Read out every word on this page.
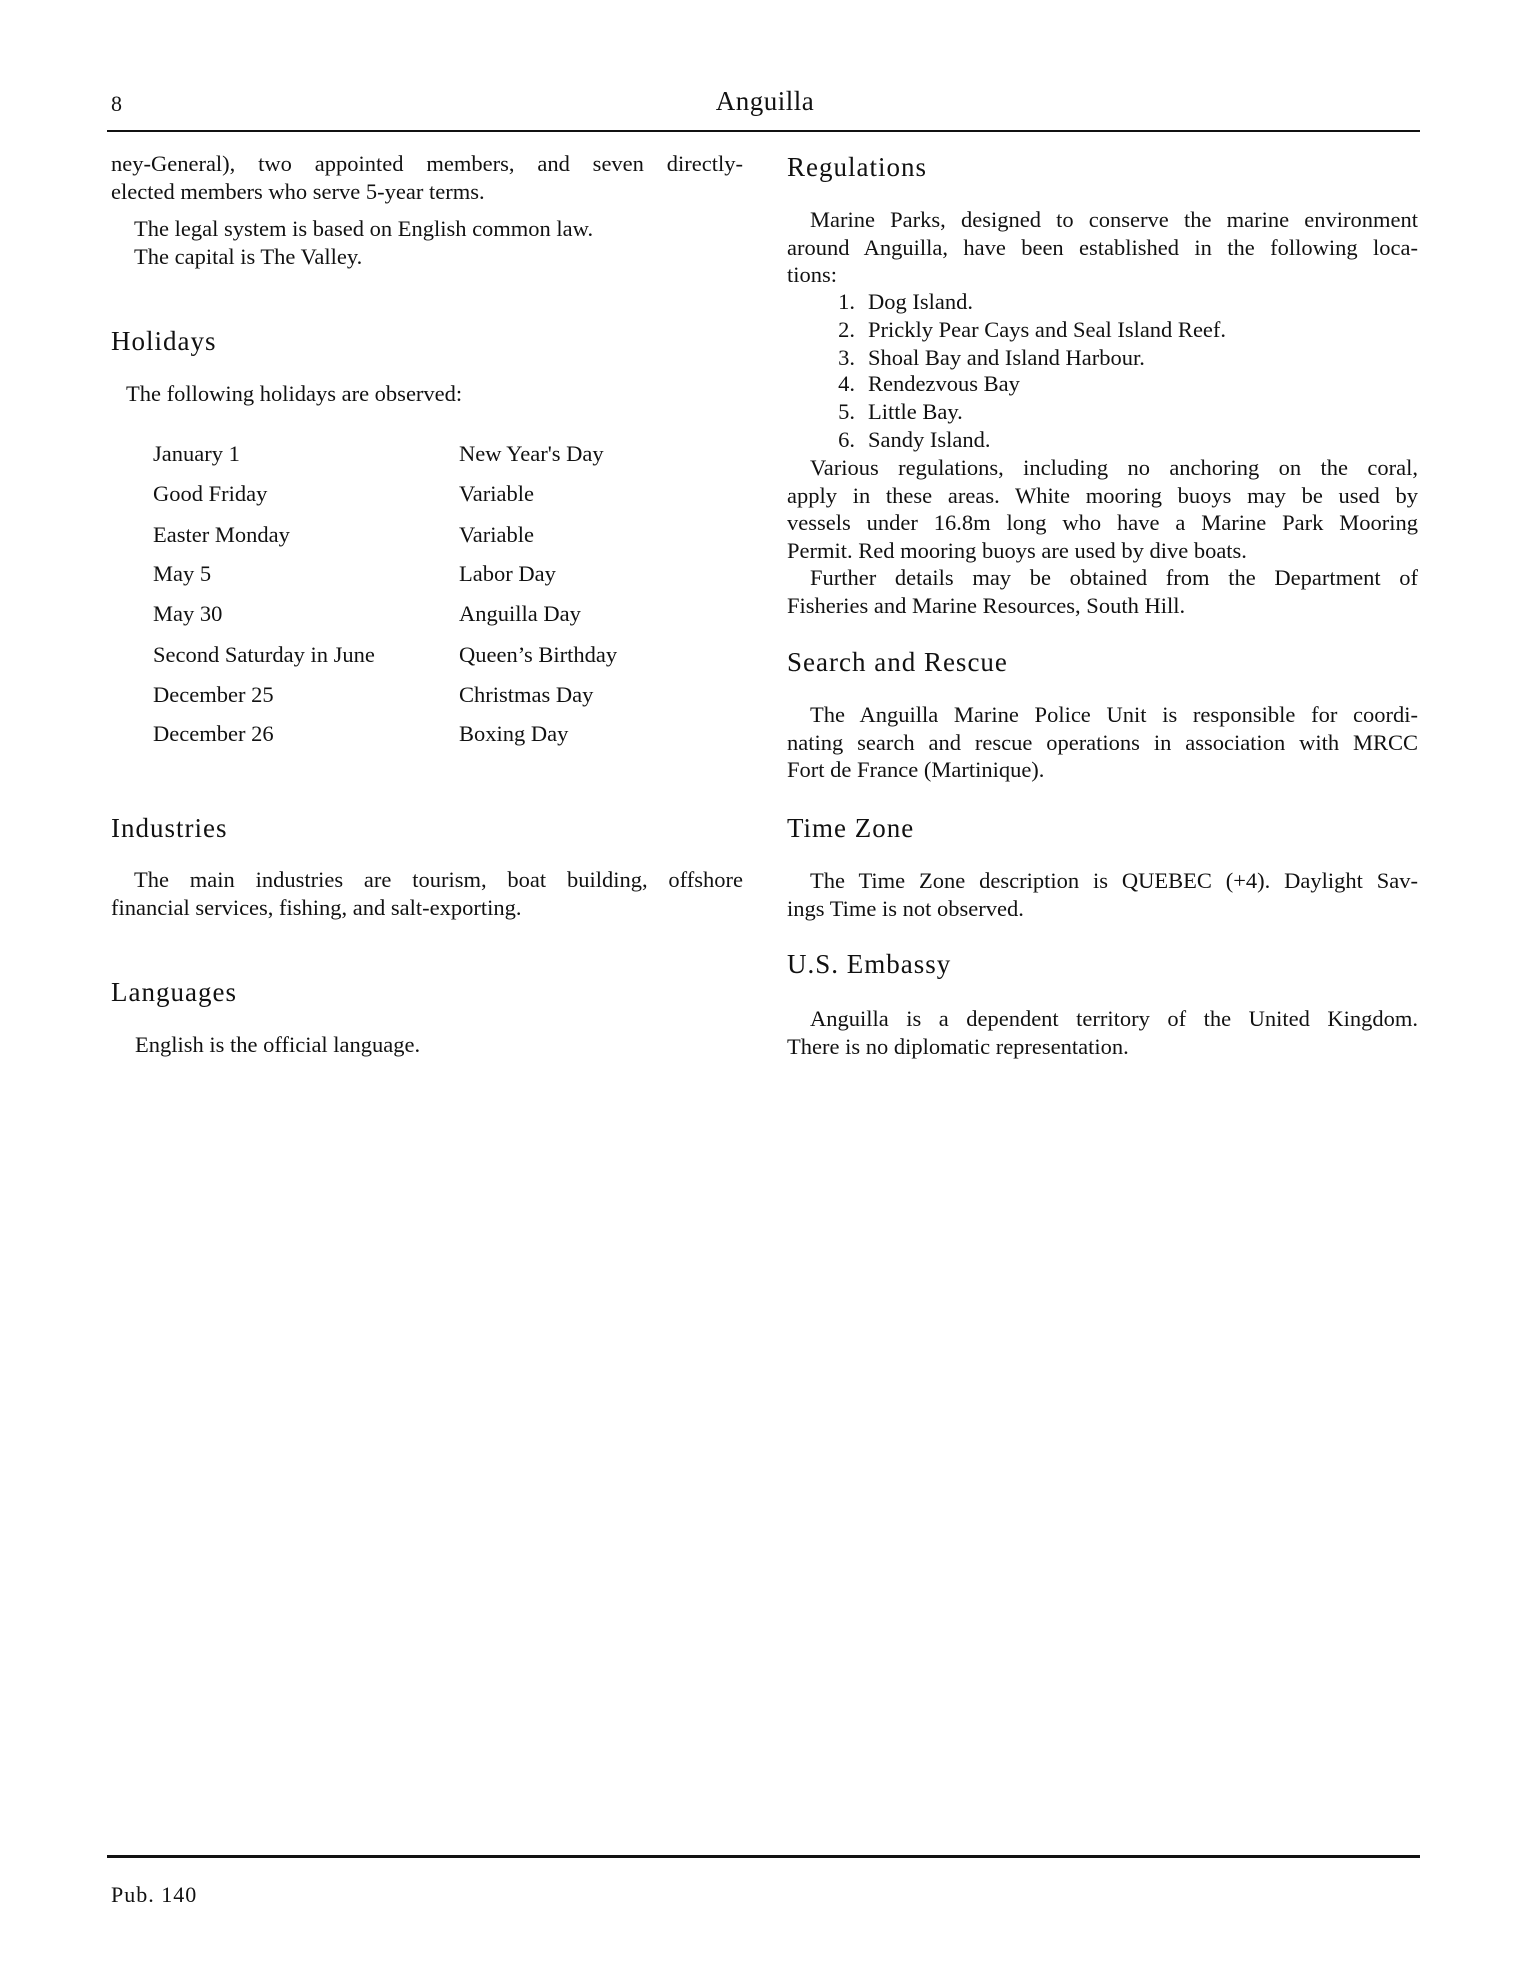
8	Anguilla
ney-General), two appointed members, and seven directly-
elected members who serve 5-year terms.
The legal system is based on English common law.
The capital is The Valley.
Holidays
The following holidays are observed:
January 1	New Year's Day
Good Friday	Variable
Easter Monday	Variable
May 5	Labor Day
May 30	Anguilla Day
Second Saturday in June	Queen’s Birthday
December 25	Christmas Day
December 26	Boxing Day
Industries
The main industries are tourism, boat building, offshore
financial services, fishing, and salt-exporting.
Languages
English is the official language.
Regulations
Marine Parks, designed to conserve the marine environment
around Anguilla, have been established in the following loca-
tions:
1. Dog Island.
2. Prickly Pear Cays and Seal Island Reef.
3. Shoal Bay and Island Harbour.
4. Rendezvous Bay
5. Little Bay.
6. Sandy Island.
Various regulations, including no anchoring on the coral,
apply in these areas. White mooring buoys may be used by
vessels under 16.8m long who have a Marine Park Mooring
Permit. Red mooring buoys are used by dive boats.
Further details may be obtained from the Department of
Fisheries and Marine Resources, South Hill.
Search and Rescue
The Anguilla Marine Police Unit is responsible for coordi-
nating search and rescue operations in association with MRCC
Fort de France (Martinique).
Time Zone
The Time Zone description is QUEBEC (+4). Daylight Sav-
ings Time is not observed.
U.S. Embassy
Anguilla is a dependent territory of the United Kingdom.
There is no diplomatic representation.
Pub. 140
